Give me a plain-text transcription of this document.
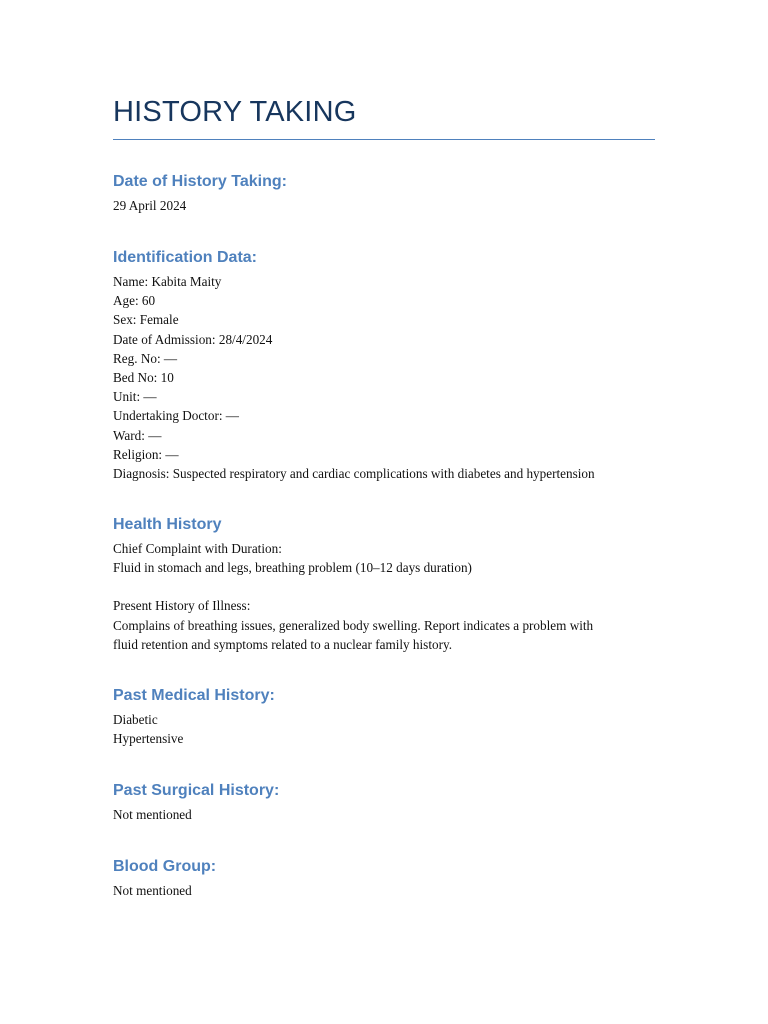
HISTORY TAKING
Date of History Taking:

29 April 2024

Identification Data:

Name: Kabita Maity

Age: 60

Sex: Female

Date of Admission: 28/4/2024

Reg. No: —

Bed No: 10

Unit: —

Undertaking Doctor: —

Ward: —

Religion: —

Diagnosis: Suspected respiratory and cardiac complications with diabetes and hypertension

Health History

Chief Complaint with Duration:

Fluid in stomach and legs, breathing problem (10–12 days duration)

Present History of Illness:

Complains of breathing issues, generalized body swelling. Report indicates a problem with

fluid retention and symptoms related to a nuclear family history.

Past Medical History:

Diabetic

Hypertensive

Past Surgical History:

Not mentioned

Blood Group:

Not mentioned
